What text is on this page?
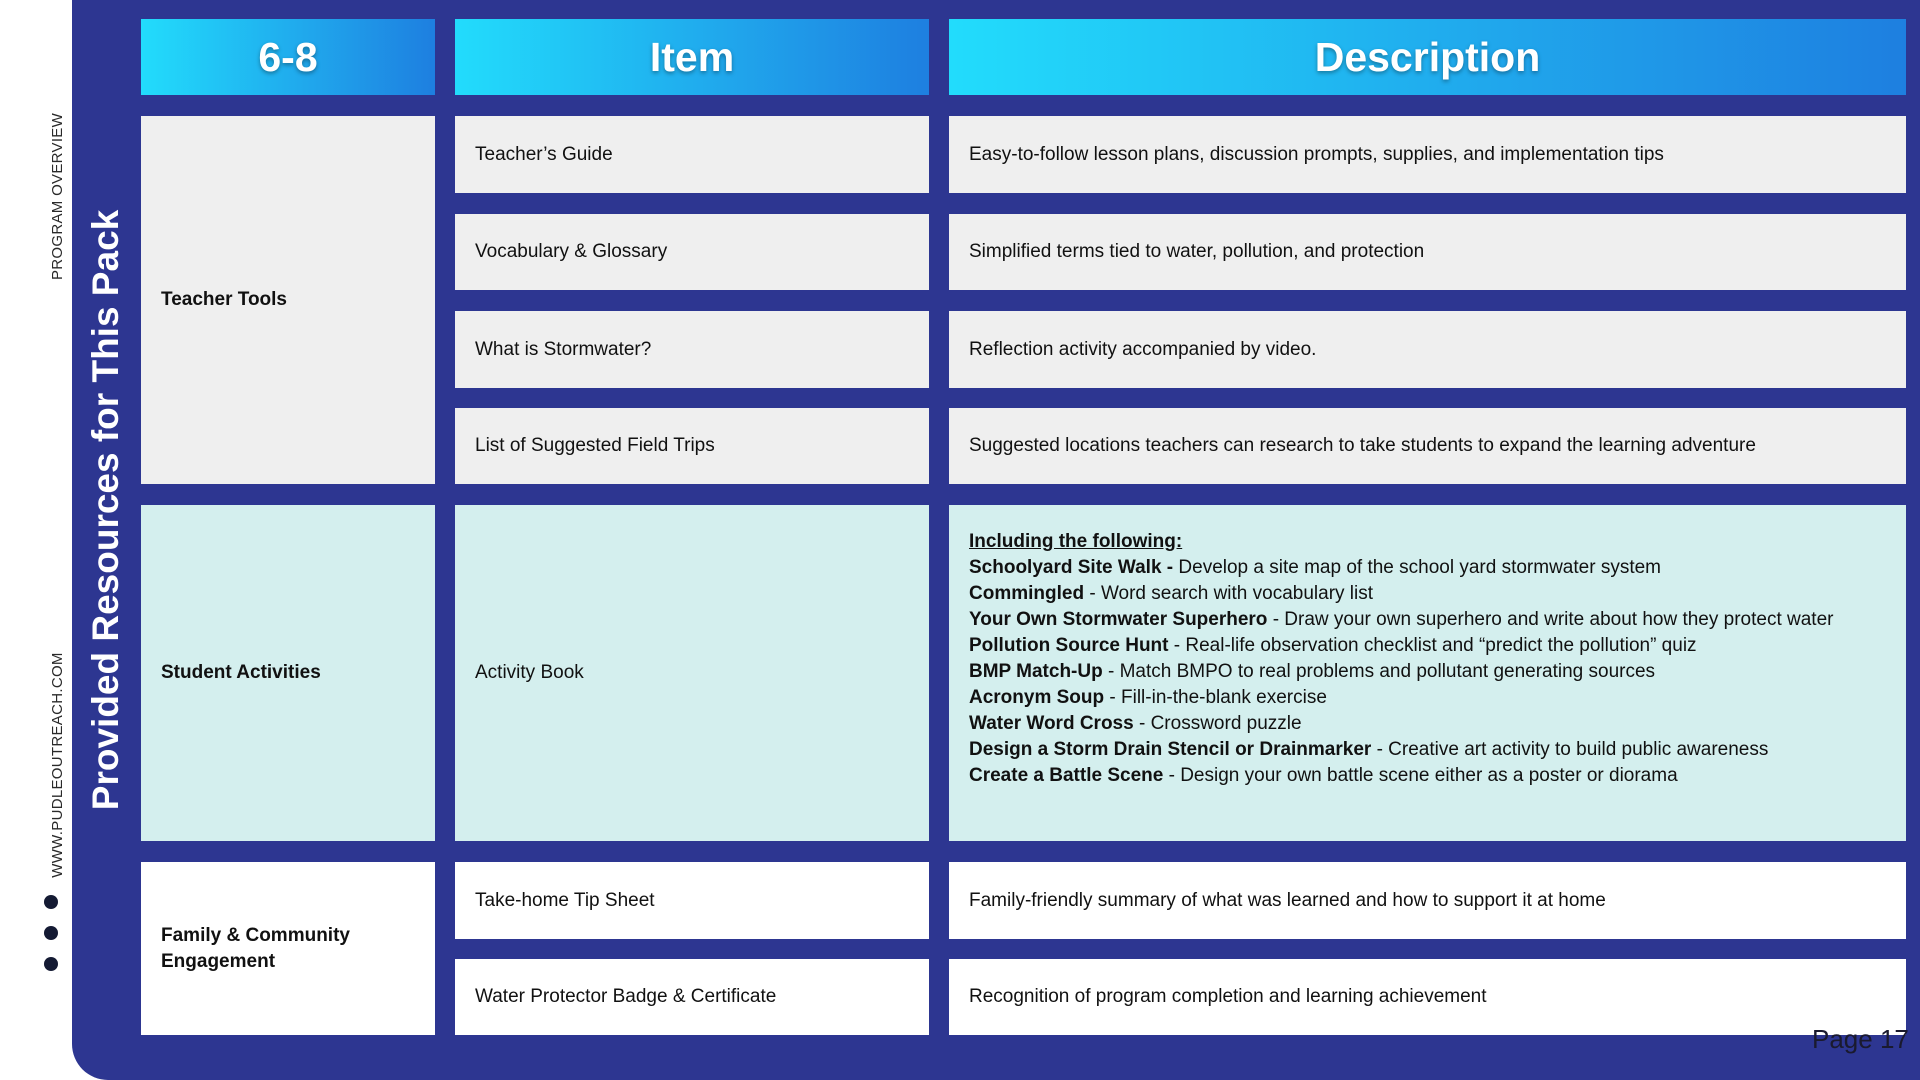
PROGRAM OVERVIEW
WWW.PUDLEOUTREACH.COM Provided Resources for This Pack
6-8	Item	Description
Teacher Tools
Teacher’s Guide	Easy-to-follow lesson plans, discussion prompts, supplies, and implementation tips
Vocabulary & Glossary	Simplified terms tied to water, pollution, and protection
What is Stormwater?	Reflection activity accompanied by video.
List of Suggested Field Trips	Suggested locations teachers can research to take students to expand the learning adventure
Student Activities	Activity Book
Including the following:
Schoolyard Site Walk - Develop a site map of the school yard stormwater system
Commingled - Word search with vocabulary list
Your Own Stormwater Superhero - Draw your own superhero and write about how they protect water
Pollution Source Hunt - Real-life observation checklist and “predict the pollution” quiz
BMP Match-Up - Match BMPO to real problems and pollutant generating sources
Acronym Soup - Fill-in-the-blank exercise
Water Word Cross - Crossword puzzle
Design a Storm Drain Stencil or Drainmarker - Creative art activity to build public awareness
Create a Battle Scene - Design your own battle scene either as a poster or diorama
Family & Community Engagement
Take-home Tip Sheet	Family-friendly summary of what was learned and how to support it at home
Water Protector Badge & Certificate	Recognition of program completion and learning achievement
Page 17
